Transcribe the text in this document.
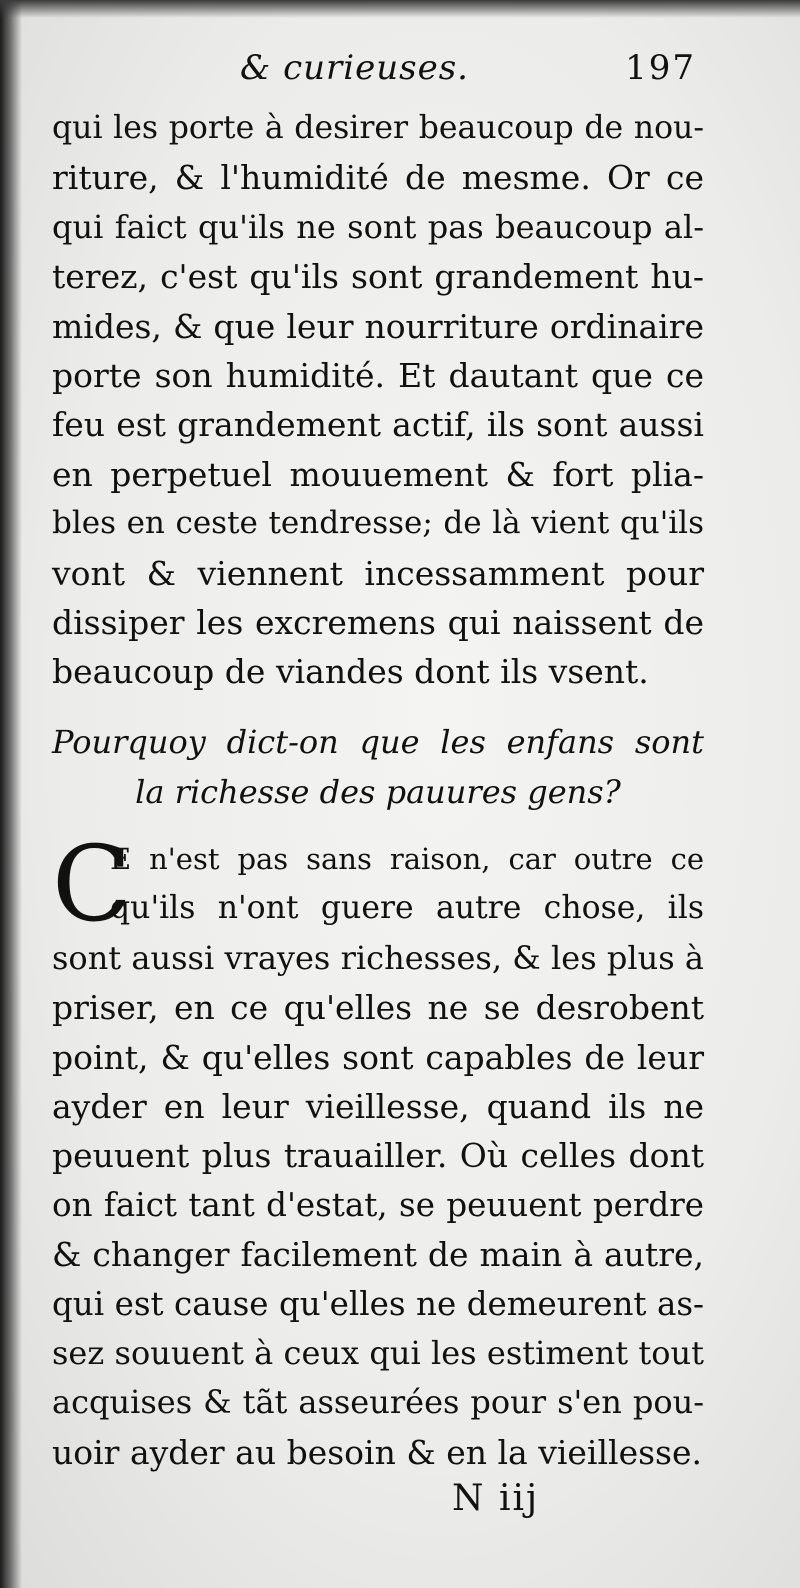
& curieuses.	197

qui les porte à desirer beaucoup de nou-
riture, & l'humidité de mesme. Or ce
qui faict qu'ils ne sont pas beaucoup al-
terez, c'est qu'ils sont grandement hu-
mides, & que leur nourriture ordinaire
porte son humidité. Et dautant que ce
feu est grandement actif, ils sont aussi
en perpetuel mouuement & fort plia-
bles en ceste tendresse; de là vient qu'ils
vont & viennent incessamment pour
dissiper les excremens qui naissent de
beaucoup de viandes dont ils vsent.

Pourquoy dict-on que les enfans sont
la richesse des pauures gens?
C
E n'est pas sans raison, car outre ce
qu'ils n'ont guere autre chose, ils
sont aussi vrayes richesses, & les plus à
priser, en ce qu'elles ne se desrobent
point, & qu'elles sont capables de leur
ayder en leur vieillesse, quand ils ne
peuuent plus trauailler. Où celles dont
on faict tant d'estat, se peuuent perdre
& changer facilement de main à autre,
qui est cause qu'elles ne demeurent as-
sez souuent à ceux qui les estiment tout
acquises & tãt asseurées pour s'en pou-
uoir ayder au besoin & en la vieillesse.
N iij
